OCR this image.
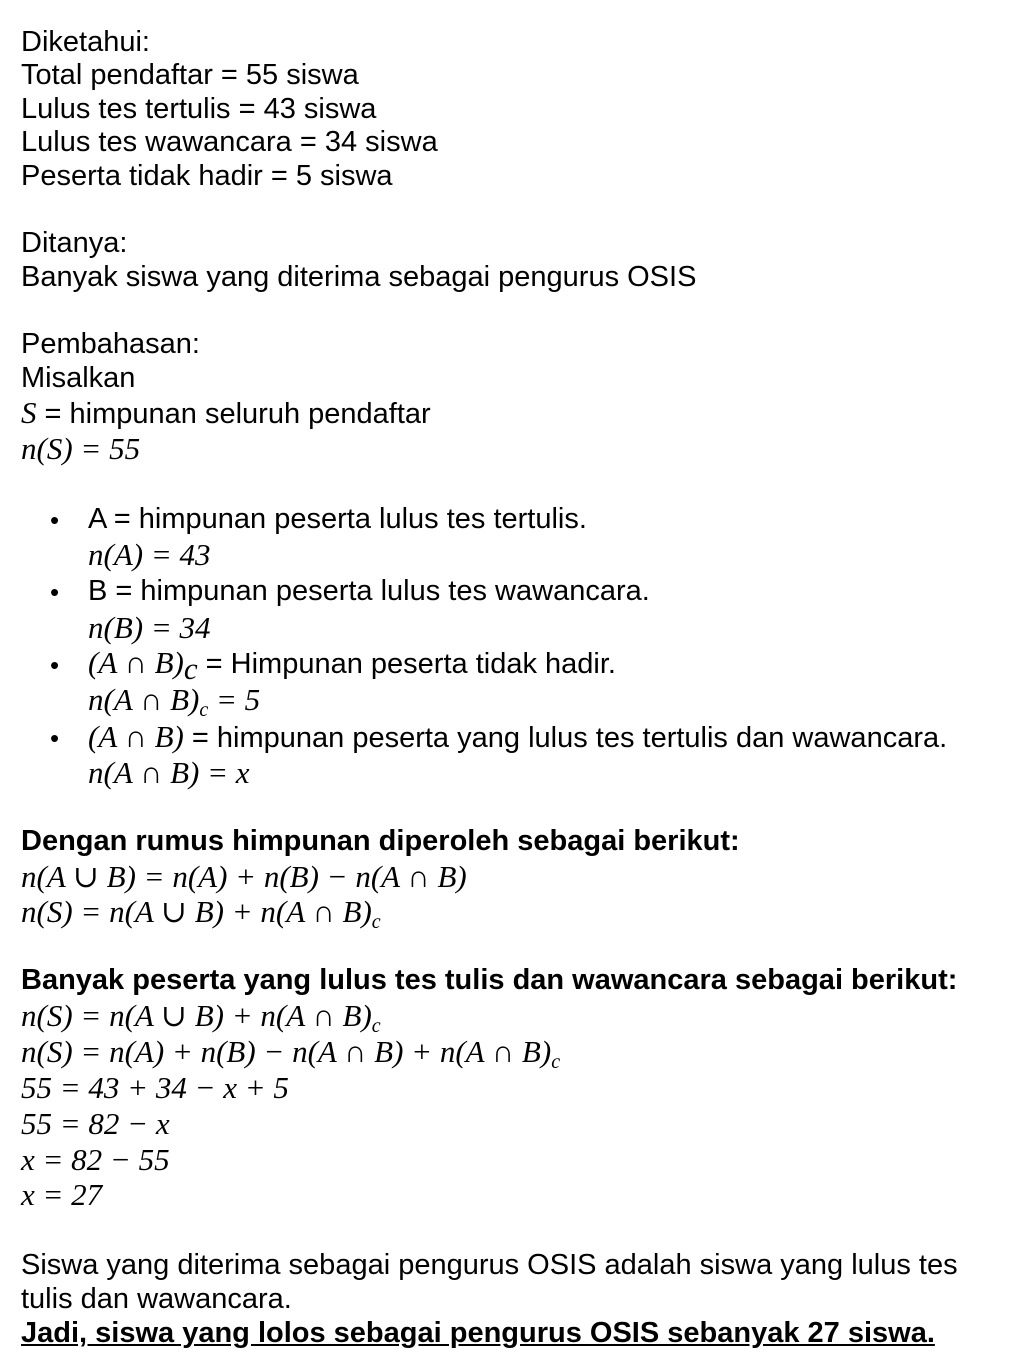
Diketahui:
Total pendaftar = 55 siswa
Lulus tes tertulis = 43 siswa
Lulus tes wawancara = 34 siswa
Peserta tidak hadir = 5 siswa
Ditanya:
Banyak siswa yang diterima sebagai pengurus OSIS
Pembahasan:
Misalkan
S = himpunan seluruh pendaftar
n(S) = 55
• A = himpunan peserta lulus tes tertulis.
n(A) = 43
• B = himpunan peserta lulus tes wawancara.
n(B) = 34
• (A ∩ $B)_c$ = Himpunan peserta tidak hadir.
n(A ∩ $B)_c = 5$
• (A ∩ B) = himpunan peserta yang lulus tes tertulis dan wawancara.
n(A ∩ B) = x
Dengan rumus himpunan diperoleh sebagai berikut:
n(A ∪ B) = n(A) + n(B) − n(A ∩ B)
n(S) = n(A ∪ B) + n(A ∩ $B)_c$
Banyak peserta yang lulus tes tulis dan wawancara sebagai berikut:
n(S) = n(A ∪ B) + n(A ∩ $B)_c$
n(S) = n(A) + n(B) − n(A ∩ B) + n(A ∩ $B)_c$
55 = 43 + 34 − x + 5
55 = 82 − x
x = 82 − 55
x = 27
Siswa yang diterima sebagai pengurus OSIS adalah siswa yang lulus tes
tulis dan wawancara.
Jadi, siswa yang lolos sebagai pengurus OSIS sebanyak 27 siswa.
